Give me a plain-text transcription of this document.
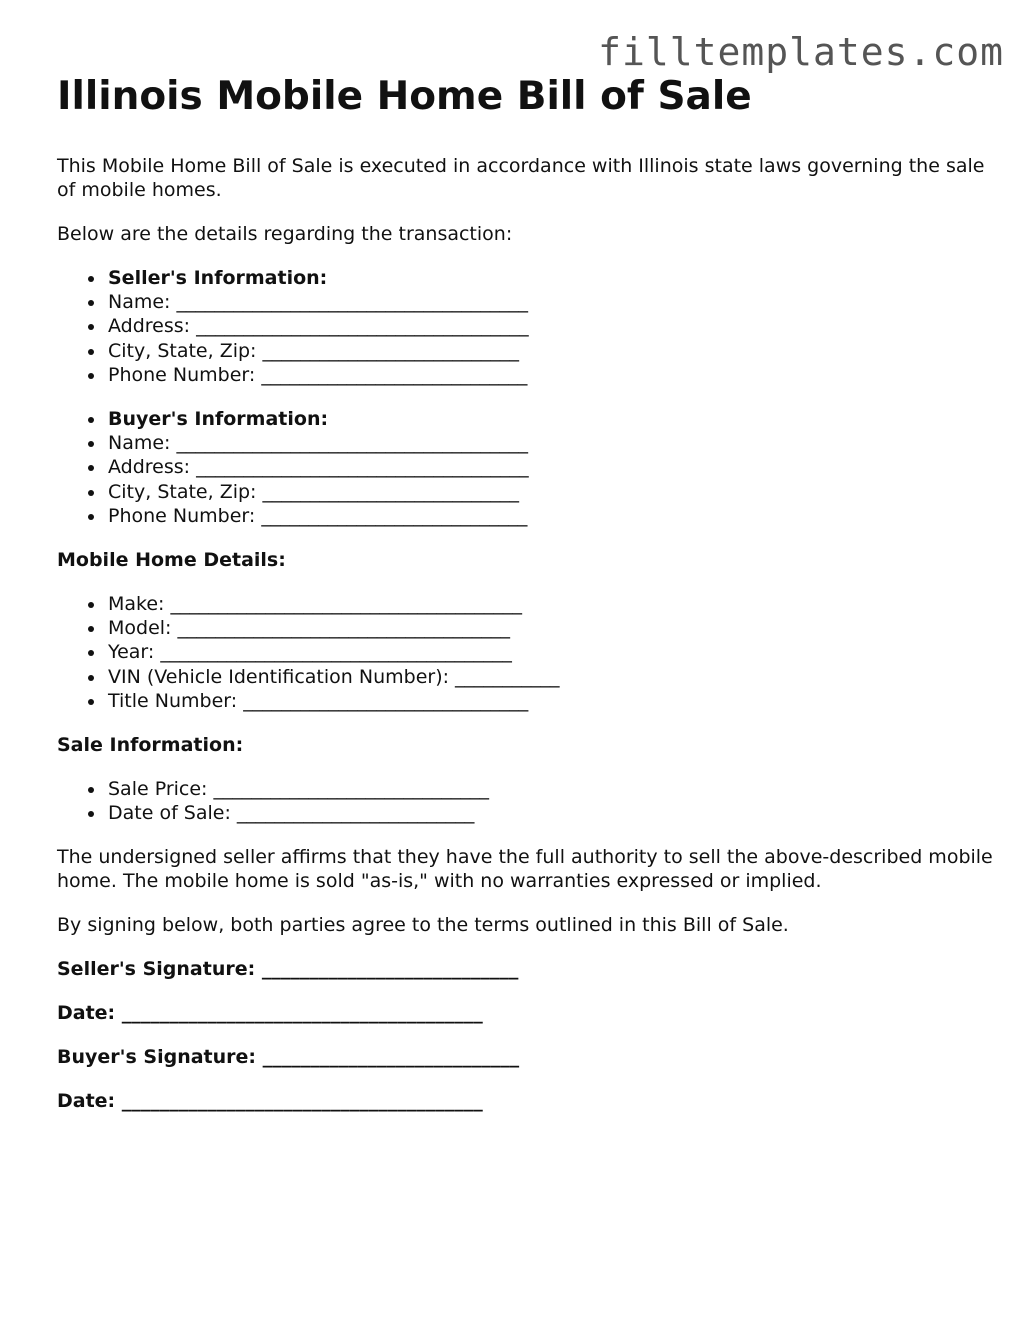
filltemplates.com
Illinois Mobile Home Bill of Sale

This Mobile Home Bill of Sale is executed in accordance with Illinois state laws governing the sale of mobile homes.

Below are the details regarding the transaction:

Seller's Information:
Name: _____________________________________
Address: ___________________________________
City, State, Zip: ___________________________
Phone Number: ____________________________
Buyer's Information:
Name: _____________________________________
Address: ___________________________________
City, State, Zip: ___________________________
Phone Number: ____________________________
Mobile Home Details:
Make: _____________________________________
Model: ___________________________________
Year: _____________________________________
VIN (Vehicle Identification Number): ___________
Title Number: ______________________________
Sale Information:
Sale Price: _____________________________
Date of Sale: _________________________

The undersigned seller affirms that they have the full authority to sell the above-described mobile home. The mobile home is sold "as-is," with no warranties expressed or implied.

By signing below, both parties agree to the terms outlined in this Bill of Sale.

Seller's Signature: ___________________________
Date: ______________________________________
Buyer's Signature: ___________________________
Date: ______________________________________
